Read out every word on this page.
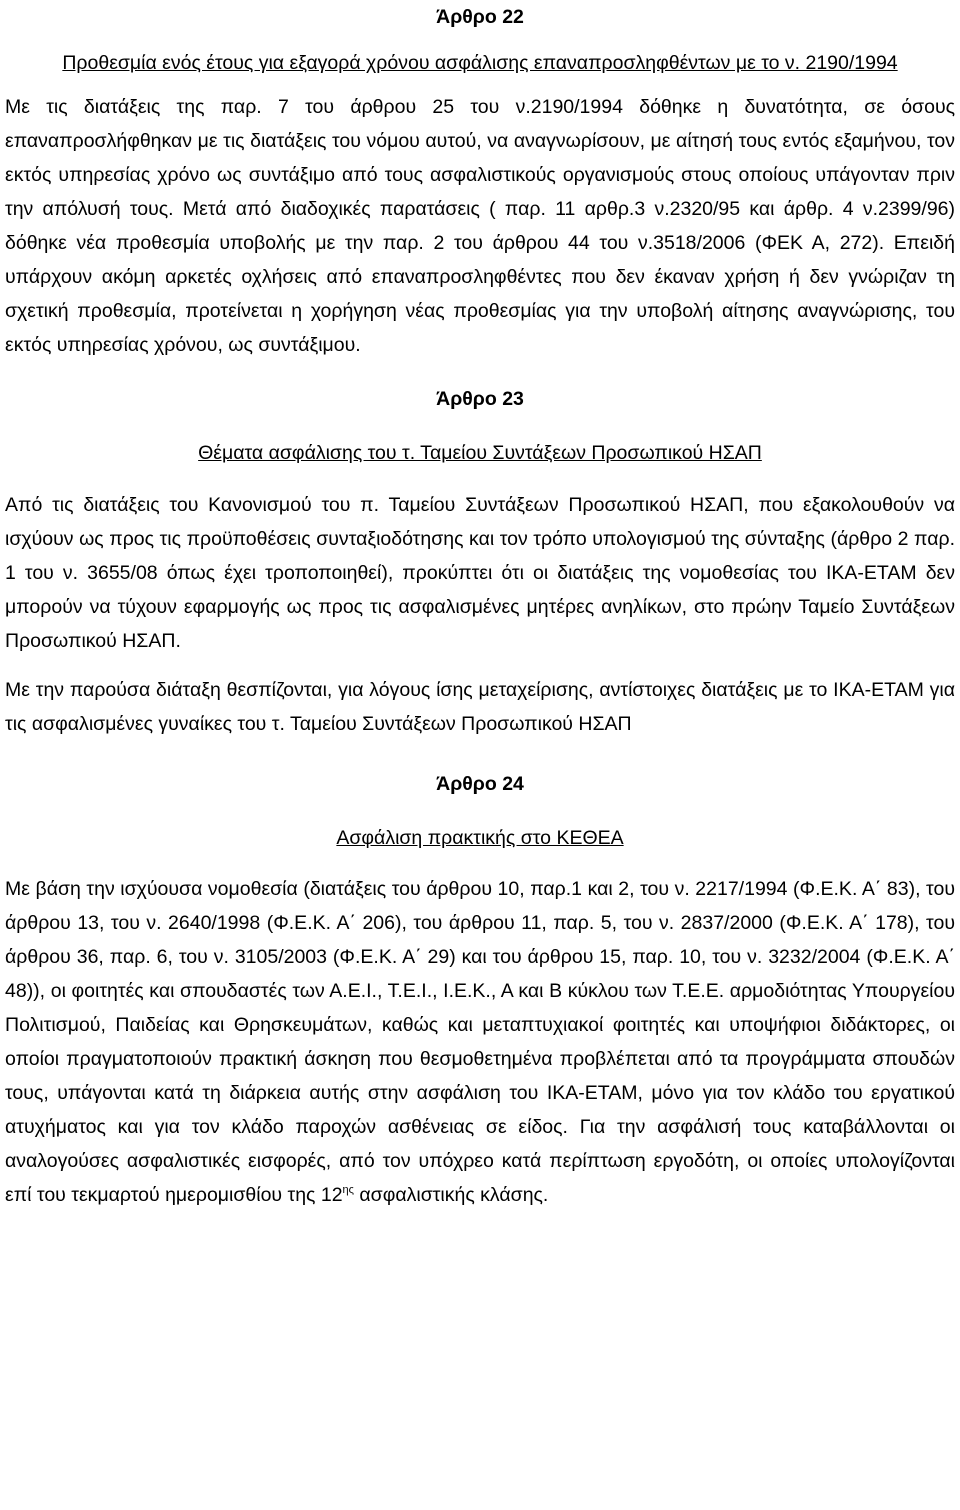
Άρθρο 22

Προθεσμία ενός έτους για εξαγορά χρόνου ασφάλισης επαναπροσληφθέντων με το ν. 2190/1994

Με τις διατάξεις της παρ. 7 του άρθρου 25 του ν.2190/1994 δόθηκε η δυνατότητα, σε όσους επαναπροσλήφθηκαν με τις διατάξεις του νόμου αυτού, να αναγνωρίσουν, με αίτησή τους εντός εξαμήνου, τον εκτός υπηρεσίας χρόνο ως συντάξιμο από τους ασφαλιστικούς οργανισμούς στους οποίους υπάγονταν πριν την απόλυσή τους. Μετά από διαδοχικές παρατάσεις ( παρ. 11 αρθρ.3 ν.2320/95 και άρθρ. 4 ν.2399/96) δόθηκε νέα προθεσμία υποβολής με την παρ. 2 του άρθρου 44 του ν.3518/2006 (ΦΕΚ Α, 272). Επειδή υπάρχουν ακόμη αρκετές οχλήσεις από επαναπροσληφθέντες που δεν έκαναν χρήση ή δεν γνώριζαν τη σχετική προθεσμία, προτείνεται η χορήγηση νέας προθεσμίας για την υποβολή αίτησης αναγνώρισης, του εκτός υπηρεσίας χρόνου, ως συντάξιμου.

Άρθρο 23

Θέματα ασφάλισης του τ. Ταμείου Συντάξεων Προσωπικού ΗΣΑΠ

Από τις διατάξεις του Κανονισμού του π. Ταμείου Συντάξεων Προσωπικού ΗΣΑΠ, που εξακολουθούν να ισχύουν ως προς τις προϋποθέσεις συνταξιοδότησης και τον τρόπο υπολογισμού της σύνταξης (άρθρο 2 παρ. 1 του ν. 3655/08 όπως έχει τροποποιηθεί), προκύπτει ότι οι διατάξεις της νομοθεσίας του ΙΚΑ-ΕΤΑΜ δεν μπορούν να τύχουν εφαρμογής ως προς τις ασφαλισμένες μητέρες ανηλίκων, στο πρώην Ταμείο Συντάξεων Προσωπικού ΗΣΑΠ.

Με την παρούσα διάταξη θεσπίζονται, για λόγους ίσης μεταχείρισης, αντίστοιχες διατάξεις με το ΙΚΑ-ΕΤΑΜ για τις ασφαλισμένες γυναίκες του τ. Ταμείου Συντάξεων Προσωπικού ΗΣΑΠ

Άρθρο 24

Ασφάλιση πρακτικής στο ΚΕΘΕΑ

Με βάση την ισχύουσα νομοθεσία (διατάξεις του άρθρου 10, παρ.1 και 2, του ν. 2217/1994 (Φ.Ε.Κ. Α΄ 83), του άρθρου 13, του ν. 2640/1998 (Φ.Ε.Κ. Α΄ 206), του άρθρου 11, παρ. 5, του ν. 2837/2000 (Φ.Ε.Κ. Α΄ 178), του άρθρου 36, παρ. 6, του ν. 3105/2003 (Φ.Ε.Κ. Α΄ 29) και του άρθρου 15, παρ. 10, του ν. 3232/2004 (Φ.Ε.Κ. Α΄ 48)), οι φοιτητές και σπουδαστές των Α.Ε.Ι., Τ.Ε.Ι., Ι.Ε.Κ., Α και Β κύκλου των Τ.Ε.Ε. αρμοδιότητας Υπουργείου Πολιτισμού, Παιδείας και Θρησκευμάτων, καθώς και μεταπτυχιακοί φοιτητές και υποψήφιοι διδάκτορες, οι οποίοι πραγματοποιούν πρακτική άσκηση που θεσμοθετημένα προβλέπεται από τα προγράμματα σπουδών τους, υπάγονται κατά τη διάρκεια αυτής στην ασφάλιση του ΙΚΑ-ΕΤΑΜ, μόνο για τον κλάδο του εργατικού ατυχήματος και για τον κλάδο παροχών ασθένειας σε είδος. Για την ασφάλισή τους καταβάλλονται οι αναλογούσες ασφαλιστικές εισφορές, από τον υπόχρεο κατά περίπτωση εργοδότη, οι οποίες υπολογίζονται επί του τεκμαρτού ημερομισθίου της $12^{\eta\varsigma}$ ασφαλιστικής κλάσης.
